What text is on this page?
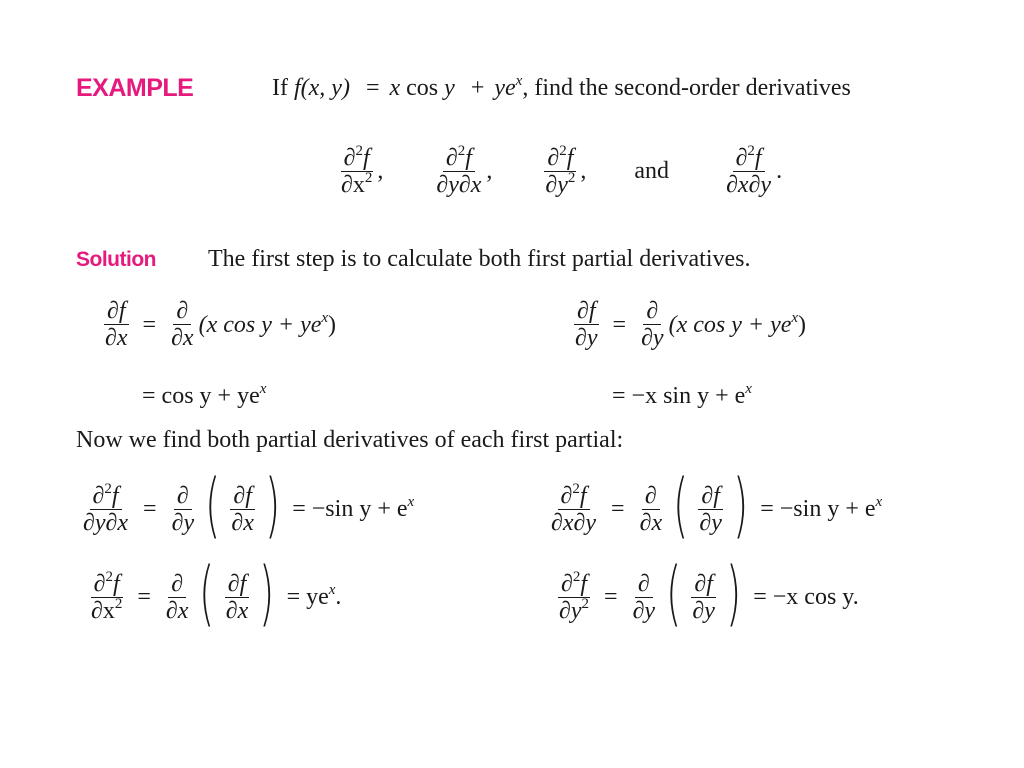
EXAMPLE	If f(x, y) = x $\cos y + ye^x$, find the second-order derivatives
$\frac{\partial^2f}{\partial x^2}$ , $\frac{\partial^2f}{\partial y\partial x}$ , $\frac{\partial^2f}{\partial y^2}$ , and $\frac{\partial^2f}{\partial x\partial y}$ .
Solution The first step is to calculate both first partial derivatives.
$\frac{\partial f}{\partial x} = \frac{\partial}{\partial x} (x$ $\cos y + ye^x$)
= $\cos y + ye^x$
$\frac{\partial f}{\partial y} = \frac{\partial}{\partial y} (x$ $\cos y + ye^x$)
= −x $\sin y + e^x$
Now we find both partial derivatives of each first partial:
$\frac{\partial^2f}{\partial y\partial x} = \frac{\partial}{\partial y}$ ( $\frac{\partial f}{\partial x}$ ) = −sin $y + e^x$
$\frac{\partial^2f}{\partial x^2} = \frac{\partial}{\partial x}$ ( $\frac{\partial f}{\partial x}$ ) = $ye^x$.
$\frac{\partial^2f}{\partial x\partial y} = \frac{\partial}{\partial x}$ ( $\frac{\partial f}{\partial y}$ ) = −sin $y + e^x$
$\frac{\partial^2f}{\partial y^2} = \frac{\partial}{\partial y}$ ( $\frac{\partial f}{\partial y}$ ) = −x cos y.
